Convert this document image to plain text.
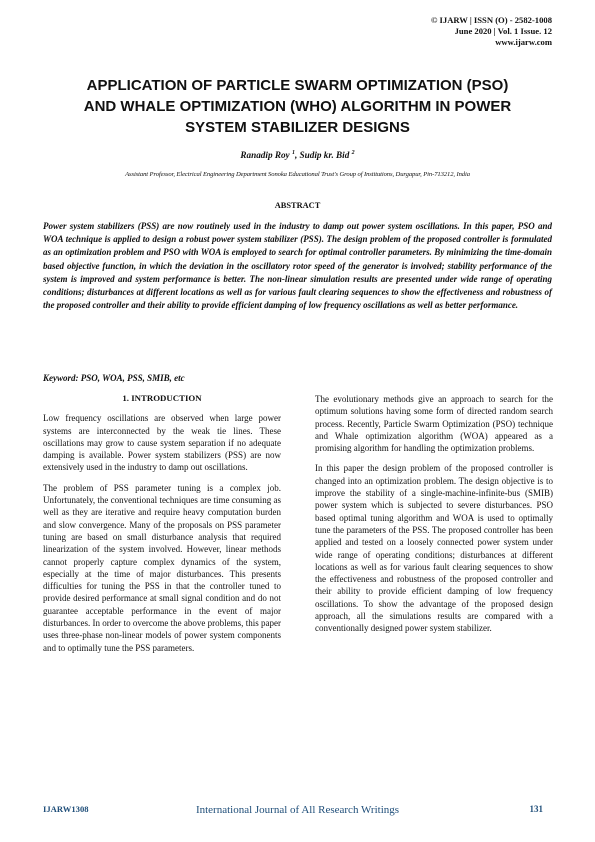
© IJARW | ISSN (O) - 2582-1008
June 2020 | Vol. 1 Issue. 12
www.ijarw.com
APPLICATION OF PARTICLE SWARM OPTIMIZATION (PSO)
AND WHALE OPTIMIZATION (WHO) ALGORITHM IN POWER
SYSTEM STABILIZER DESIGNS
Ranadip Roy $^1$, Sudip kr. Bid $^2$
Assistant Professor, Electrical Engineering Department Sonoka Educational Trust's Group of Institutions, Durgapur, Pin-713212, India
ABSTRACT

Power system stabilizers (PSS) are now routinely used in the industry to damp out power system oscillations. In this paper, PSO and WOA technique is applied to design a robust power system stabilizer (PSS). The design problem of the proposed controller is formulated as an optimization problem and PSO with WOA is employed to search for optimal controller parameters. By minimizing the time-domain based objective function, in which the deviation in the oscillatory rotor speed of the generator is involved; stability performance of the system is improved and system performance is better. The non-linear simulation results are presented under wide range of operating conditions; disturbances at different locations as well as for various fault clearing sequences to show the effectiveness and robustness of the proposed controller and their ability to provide efficient damping of low frequency oscillations as well as better performance.

Keyword: PSO, WOA, PSS, SMIB, etc
1. INTRODUCTION

Low frequency oscillations are observed when large power systems are interconnected by the weak tie lines. These oscillations may grow to cause system separation if no adequate damping is available. Power system stabilizers (PSS) are now extensively used in the industry to damp out oscillations.

The problem of PSS parameter tuning is a complex job. Unfortunately, the conventional techniques are time consuming as well as they are iterative and require heavy computation burden and slow convergence. Many of the proposals on PSS parameter tuning are based on small disturbance analysis that required linearization of the system involved. However, linear methods cannot properly capture complex dynamics of the system, especially at the time of major disturbances. This presents difficulties for tuning the PSS in that the controller tuned to provide desired performance at small signal condition and do not guarantee acceptable performance in the event of major disturbances. In order to overcome the above problems, this paper uses three-phase non-linear models of power system components and to optimally tune the PSS parameters.

The evolutionary methods give an approach to search for the optimum solutions having some form of directed random search process. Recently, Particle Swarm Optimization (PSO) technique and Whale optimization algorithm (WOA) appeared as a promising algorithm for handling the optimization problems.

In this paper the design problem of the proposed controller is changed into an optimization problem. The design objective is to improve the stability of a single-machine-infinite-bus (SMIB) power system which is subjected to severe disturbances. PSO based optimal tuning algorithm and WOA is used to optimally tune the parameters of the PSS. The proposed controller has been applied and tested on a loosely connected power system under wide range of operating conditions; disturbances at different locations as well as for various fault clearing sequences to show the effectiveness and robustness of the proposed controller and their ability to provide efficient damping of low frequency oscillations. To show the advantage of the proposed design approach, all the simulations results are compared with a conventionally designed power system stabilizer.

IJARW1308	International Journal of All Research Writings	131
